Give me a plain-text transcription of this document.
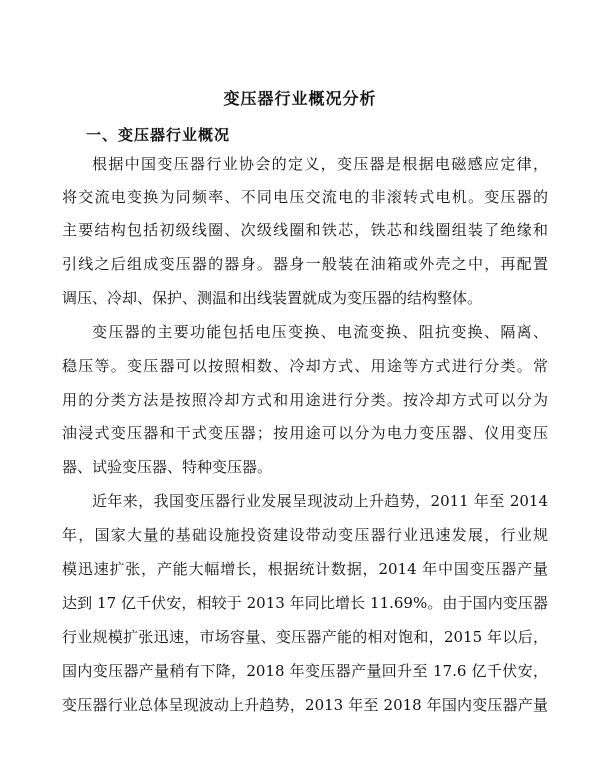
变压器行业概况分析
一、变压器行业概况
根据中国变压器行业协会的定义，变压器是根据电磁感应定律，
将交流电变换为同频率、不同电压交流电的非滚转式电机。变压器的
主要结构包括初级线圈、次级线圈和铁芯，铁芯和线圈组装了绝缘和
引线之后组成变压器的器身。器身一般装在油箱或外壳之中，再配置
调压、冷却、保护、测温和出线装置就成为变压器的结构整体。
变压器的主要功能包括电压变换、电流变换、阻抗变换、隔离、
稳压等。变压器可以按照相数、冷却方式、用途等方式进行分类。常
用的分类方法是按照冷却方式和用途进行分类。按冷却方式可以分为
油浸式变压器和干式变压器；按用途可以分为电力变压器、仪用变压
器、试验变压器、特种变压器。
近年来，我国变压器行业发展呈现波动上升趋势，2011 年至 2014
年，国家大量的基础设施投资建设带动变压器行业迅速发展，行业规
模迅速扩张，产能大幅增长，根据统计数据，2014 年中国变压器产量
达到 17 亿千伏安，相较于 2013 年同比增长 11.69%。由于国内变压器
行业规模扩张迅速，市场容量、变压器产能的相对饱和，2015 年以后，
国内变压器产量稍有下降，2018 年变压器产量回升至 17.6 亿千伏安，
变压器行业总体呈现波动上升趋势，2013 年至 2018 年国内变压器产量
